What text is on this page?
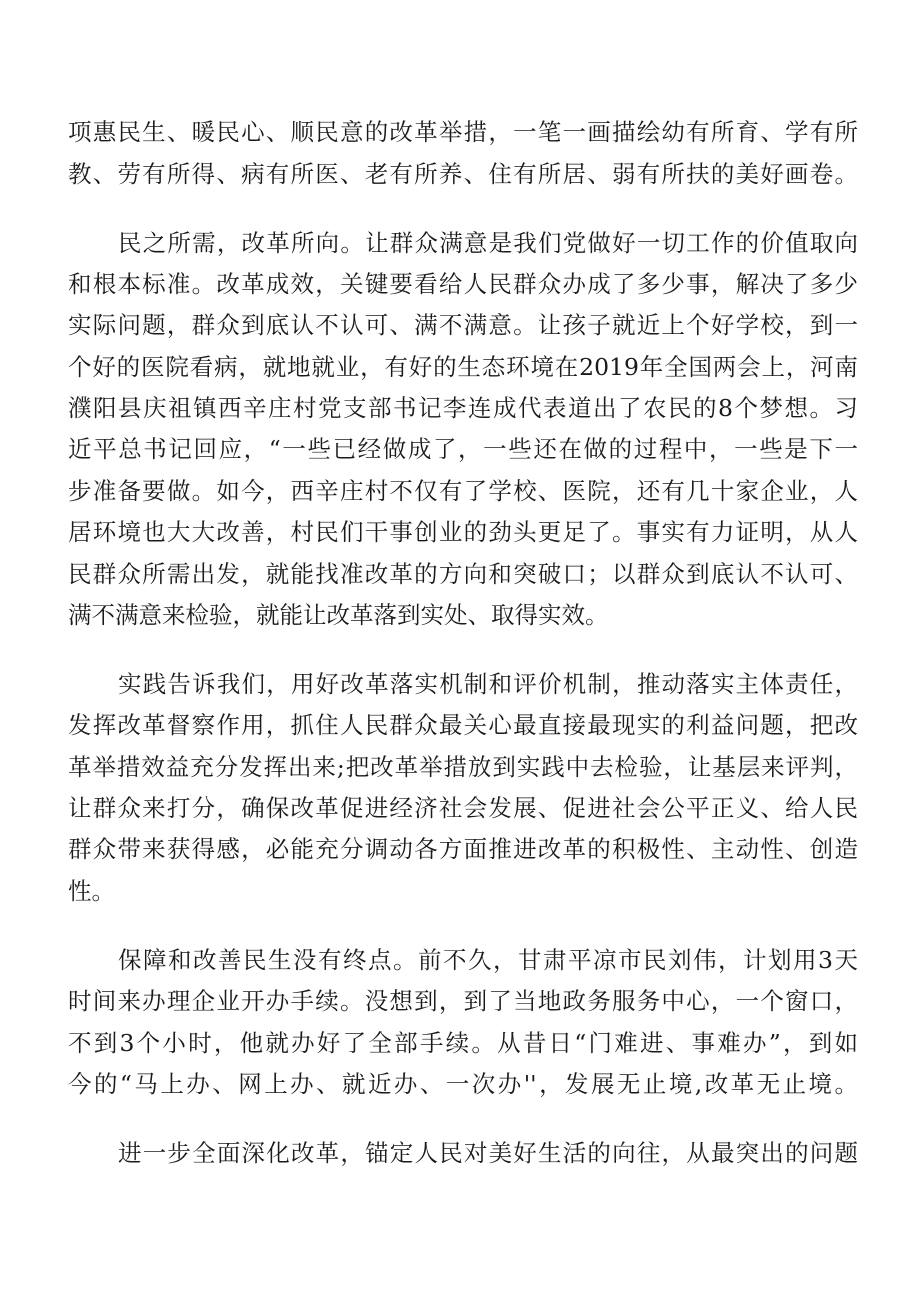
项惠民生、暖民心、顺民意的改革举措，一笔一画描绘幼有所育、学有所
教、劳有所得、病有所医、老有所养、住有所居、弱有所扶的美好画卷。
民之所需，改革所向。让群众满意是我们党做好一切工作的价值取向
和根本标准。改革成效，关键要看给人民群众办成了多少事，解决了多少
实际问题，群众到底认不认可、满不满意。让孩子就近上个好学校，到一
个好的医院看病，就地就业，有好的生态环境在2019年全国两会上，河南
濮阳县庆祖镇西辛庄村党支部书记李连成代表道出了农民的8个梦想。习
近平总书记回应，“一些已经做成了，一些还在做的过程中，一些是下一
步准备要做。如今，西辛庄村不仅有了学校、医院，还有几十家企业，人
居环境也大大改善，村民们干事创业的劲头更足了。事实有力证明，从人
民群众所需出发，就能找准改革的方向和突破口；以群众到底认不认可、
满不满意来检验，就能让改革落到实处、取得实效。
实践告诉我们，用好改革落实机制和评价机制，推动落实主体责任，
发挥改革督察作用，抓住人民群众最关心最直接最现实的利益问题，把改
革举措效益充分发挥出来;把改革举措放到实践中去检验，让基层来评判，
让群众来打分，确保改革促进经济社会发展、促进社会公平正义、给人民
群众带来获得感，必能充分调动各方面推进改革的积极性、主动性、创造
性。
保障和改善民生没有终点。前不久，甘肃平凉市民刘伟，计划用3天
时间来办理企业开办手续。没想到，到了当地政务服务中心，一个窗口，
不到3个小时，他就办好了全部手续。从昔日“门难进、事难办”，到如
今的“马上办、网上办、就近办、一次办''，发展无止境,改革无止境。
进一步全面深化改革，锚定人民对美好生活的向往，从最突出的问题
